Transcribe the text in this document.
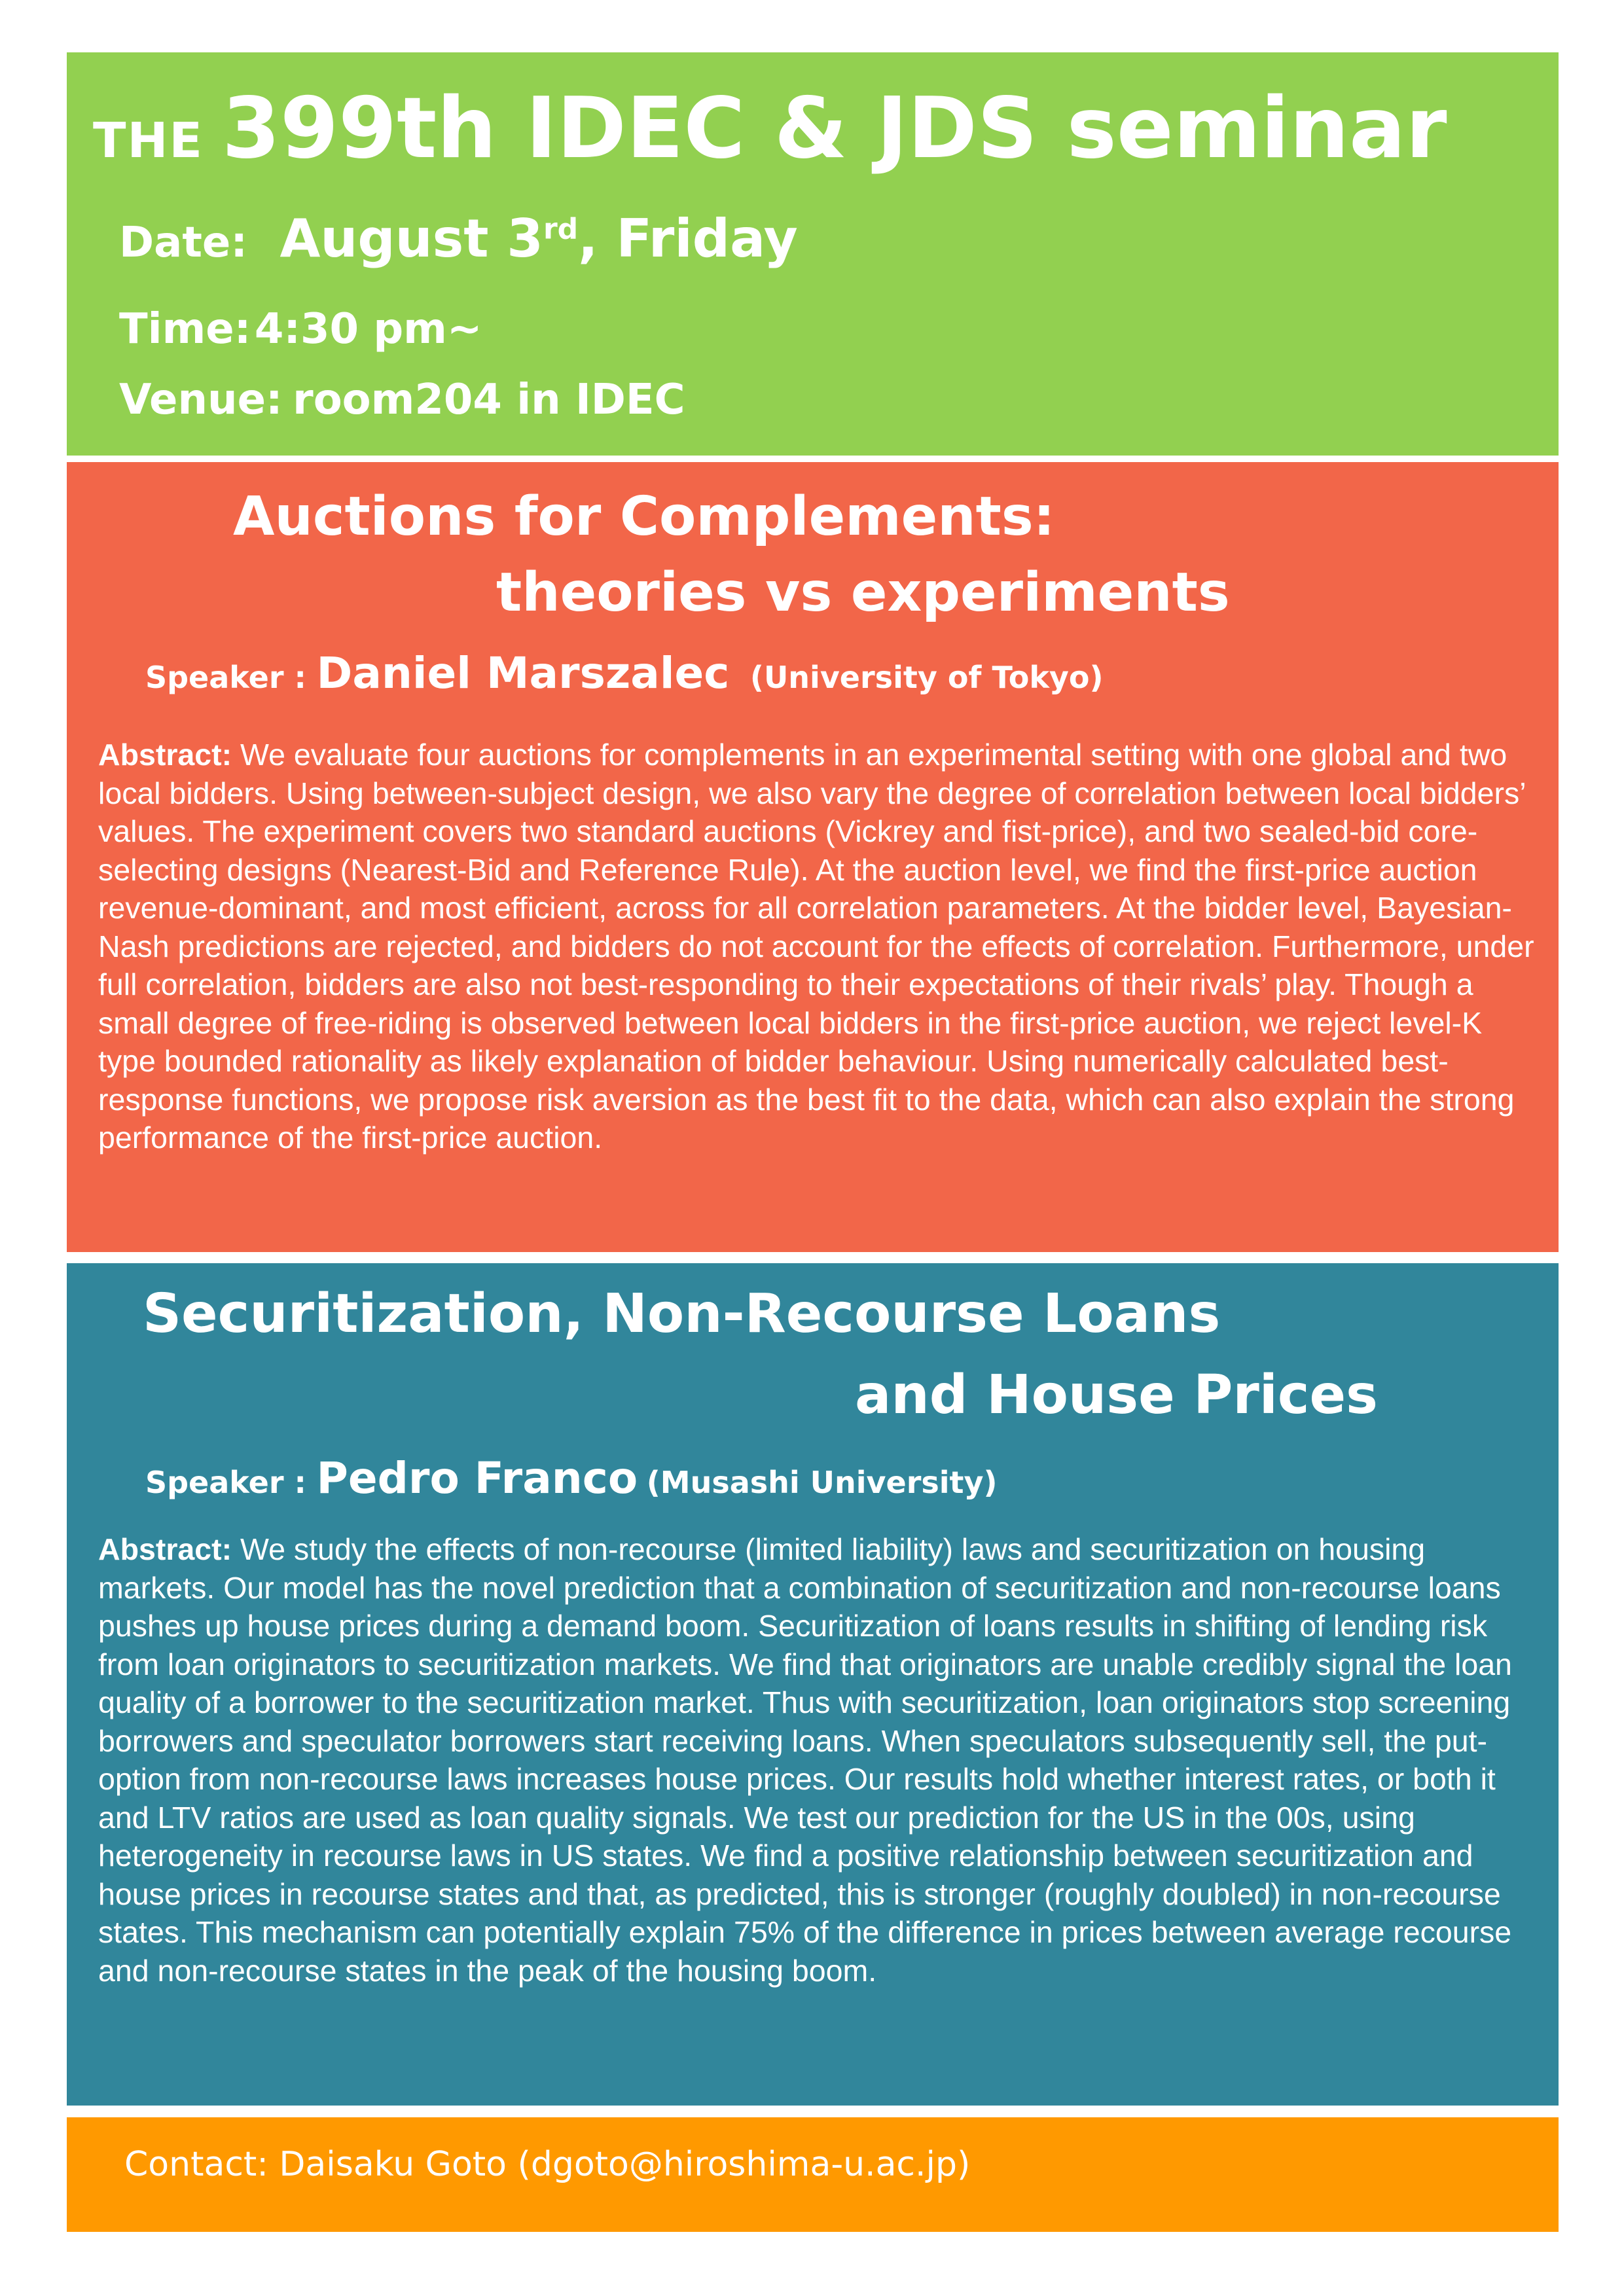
THE 399th IDEC & JDS seminar
Date: August 3rd, Friday
Time: 4:30 pm~
Venue: room204 in IDEC
Auctions for Complements:
theories vs experiments
Speaker : Daniel Marszalec (University of Tokyo)
Abstract: We evaluate four auctions for complements in an experimental setting with one global and two local bidders. Using between-subject design, we also vary the degree of correlation between local bidders’ values. The experiment covers two standard auctions (Vickrey and fist-price), and two sealed-bid core-selecting designs (Nearest-Bid and Reference Rule). At the auction level, we find the first-price auction revenue-dominant, and most efficient, across for all correlation parameters. At the bidder level, Bayesian-Nash predictions are rejected, and bidders do not account for the effects of correlation. Furthermore, under full correlation, bidders are also not best-responding to their expectations of their rivals’ play. Though a small degree of free-riding is observed between local bidders in the first-price auction, we reject level-K type bounded rationality as likely explanation of bidder behaviour. Using numerically calculated best-response functions, we propose risk aversion as the best fit to the data, which can also explain the strong performance of the first-price auction.
Securitization, Non-Recourse Loans
and House Prices
Speaker : Pedro Franco (Musashi University)
Abstract: We study the effects of non-recourse (limited liability) laws and securitization on housing markets. Our model has the novel prediction that a combination of securitization and non-recourse loans pushes up house prices during a demand boom. Securitization of loans results in shifting of lending risk from loan originators to securitization markets. We find that originators are unable credibly signal the loan quality of a borrower to the securitization market. Thus with securitization, loan originators stop screening borrowers and speculator borrowers start receiving loans. When speculators subsequently sell, the put-option from non-recourse laws increases house prices. Our results hold whether interest rates, or both it and LTV ratios are used as loan quality signals. We test our prediction for the US in the 00s, using heterogeneity in recourse laws in US states. We find a positive relationship between securitization and house prices in recourse states and that, as predicted, this is stronger (roughly doubled) in non-recourse states. This mechanism can potentially explain 75% of the difference in prices between average recourse and non-recourse states in the peak of the housing boom.
Contact: Daisaku Goto (dgoto@hiroshima-u.ac.jp)
